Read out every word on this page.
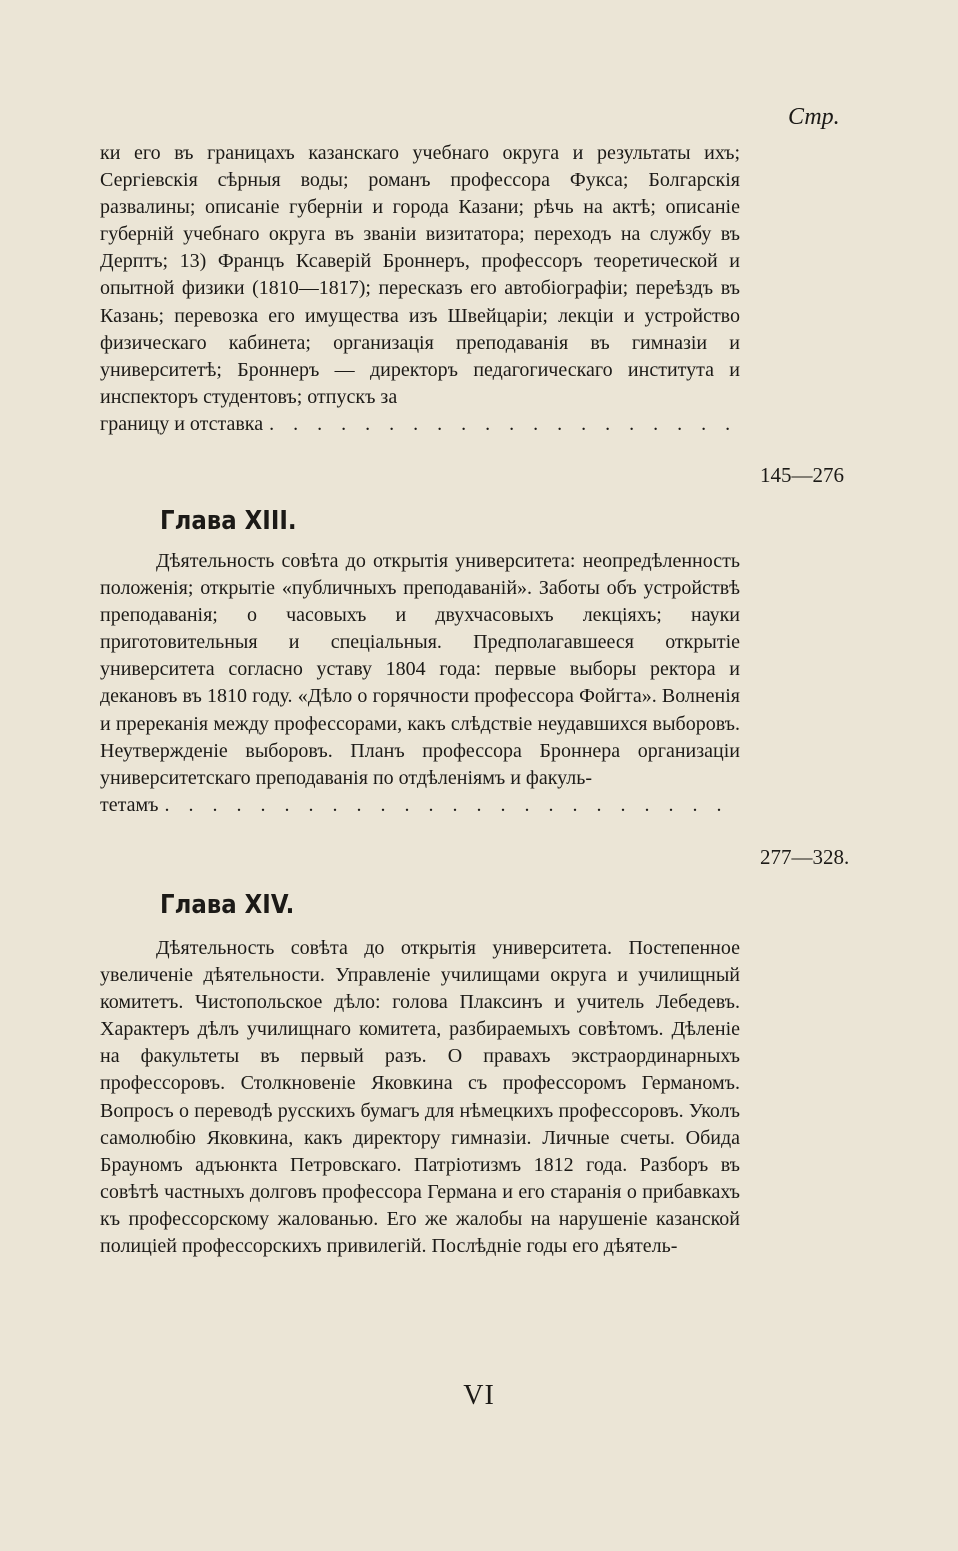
Стр.

ки его въ границахъ казанскаго учебнаго округа и результаты ихъ; Сергіевскія сѣрныя воды; романъ профессора Фукса; Болгарскія развалины; описаніе губерніи и города Казани; рѣчь на актѣ; описаніе губерній учебнаго округа въ званіи визитатора; переходъ на службу въ Дерптъ; 13) Францъ Ксаверій Броннеръ, профессоръ теоретической и опытной физики (1810—1817); пересказъ его автобіографіи; переѣздъ въ Казань; перевозка его имущества изъ Швейцаріи; лекціи и устройство физическаго кабинета; организація преподаванія въ гимназіи и университетѣ; Броннеръ — директоръ педагогическаго института и инспекторъ студентовъ; отпускъ за

границу и отставка
. . .
145—276
Глава XIII.

Дѣятельность совѣта до открытія университета: неопредѣленность положенія; открытіе «публичныхъ преподаваній». Заботы объ устройствѣ преподаванія; о часовыхъ и двухчасовыхъ лекціяхъ; науки приготовительныя и спеціальныя. Предполагавшееся открытіе университета согласно уставу 1804 года: первые выборы ректора и декановъ въ 1810 году. «Дѣло о горячности профессора Фойгта». Волненія и пререканія между профессорами, какъ слѣдствіе неудавшихся выборовъ. Неутвержденіе выборовъ. Планъ профессора Броннера организаціи университетскаго преподаванія по отдѣленіямъ и факуль-

тетамъ
. . .
277—328.
Глава XIV.

Дѣятельность совѣта до открытія университета. Постепенное увеличеніе дѣятельности. Управленіе училищами округа и училищный комитетъ. Чистопольское дѣло: голова Плаксинъ и учитель Лебедевъ. Характеръ дѣлъ училищнаго комитета, разбираемыхъ совѣтомъ. Дѣленіе на факультеты въ первый разъ. О правахъ экстраординарныхъ профессоровъ. Столкновеніе Яковкина съ профессоромъ Германомъ. Вопросъ о переводѣ русскихъ бумагъ для нѣмецкихъ профессоровъ. Уколъ самолюбію Яковкина, какъ директору гимназіи. Личные счеты. Обида Брауномъ адъюнкта Петровскаго. Патріотизмъ 1812 года. Разборъ въ совѣтѣ частныхъ долговъ профессора Германа и его старанія о прибавкахъ къ профессорскому жалованью. Его же жалобы на нарушеніе казанской полиціей профессорскихъ привилегій. Послѣдніе годы его дѣятель-

VI
